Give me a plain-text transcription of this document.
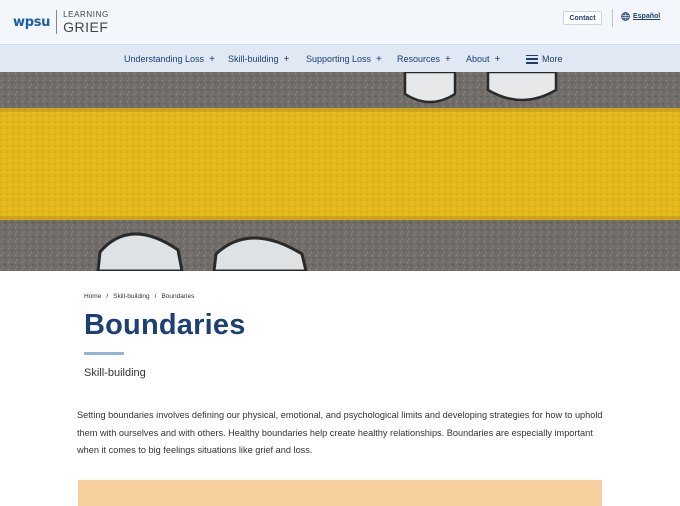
wpsu
LEARNING
GRIEF
Contact	Español
Understanding Loss + Skill-building + Supporting Loss + Resources + About +	More
Home / Skill-building / Boundaries
Boundaries
Skill-building

Setting boundaries involves defining our physical, emotional, and psychological limits and developing strategies for how to uphold them with ourselves and with others. Healthy boundaries help create healthy relationships. Boundaries are especially important when it comes to big feelings situations like grief and loss.
